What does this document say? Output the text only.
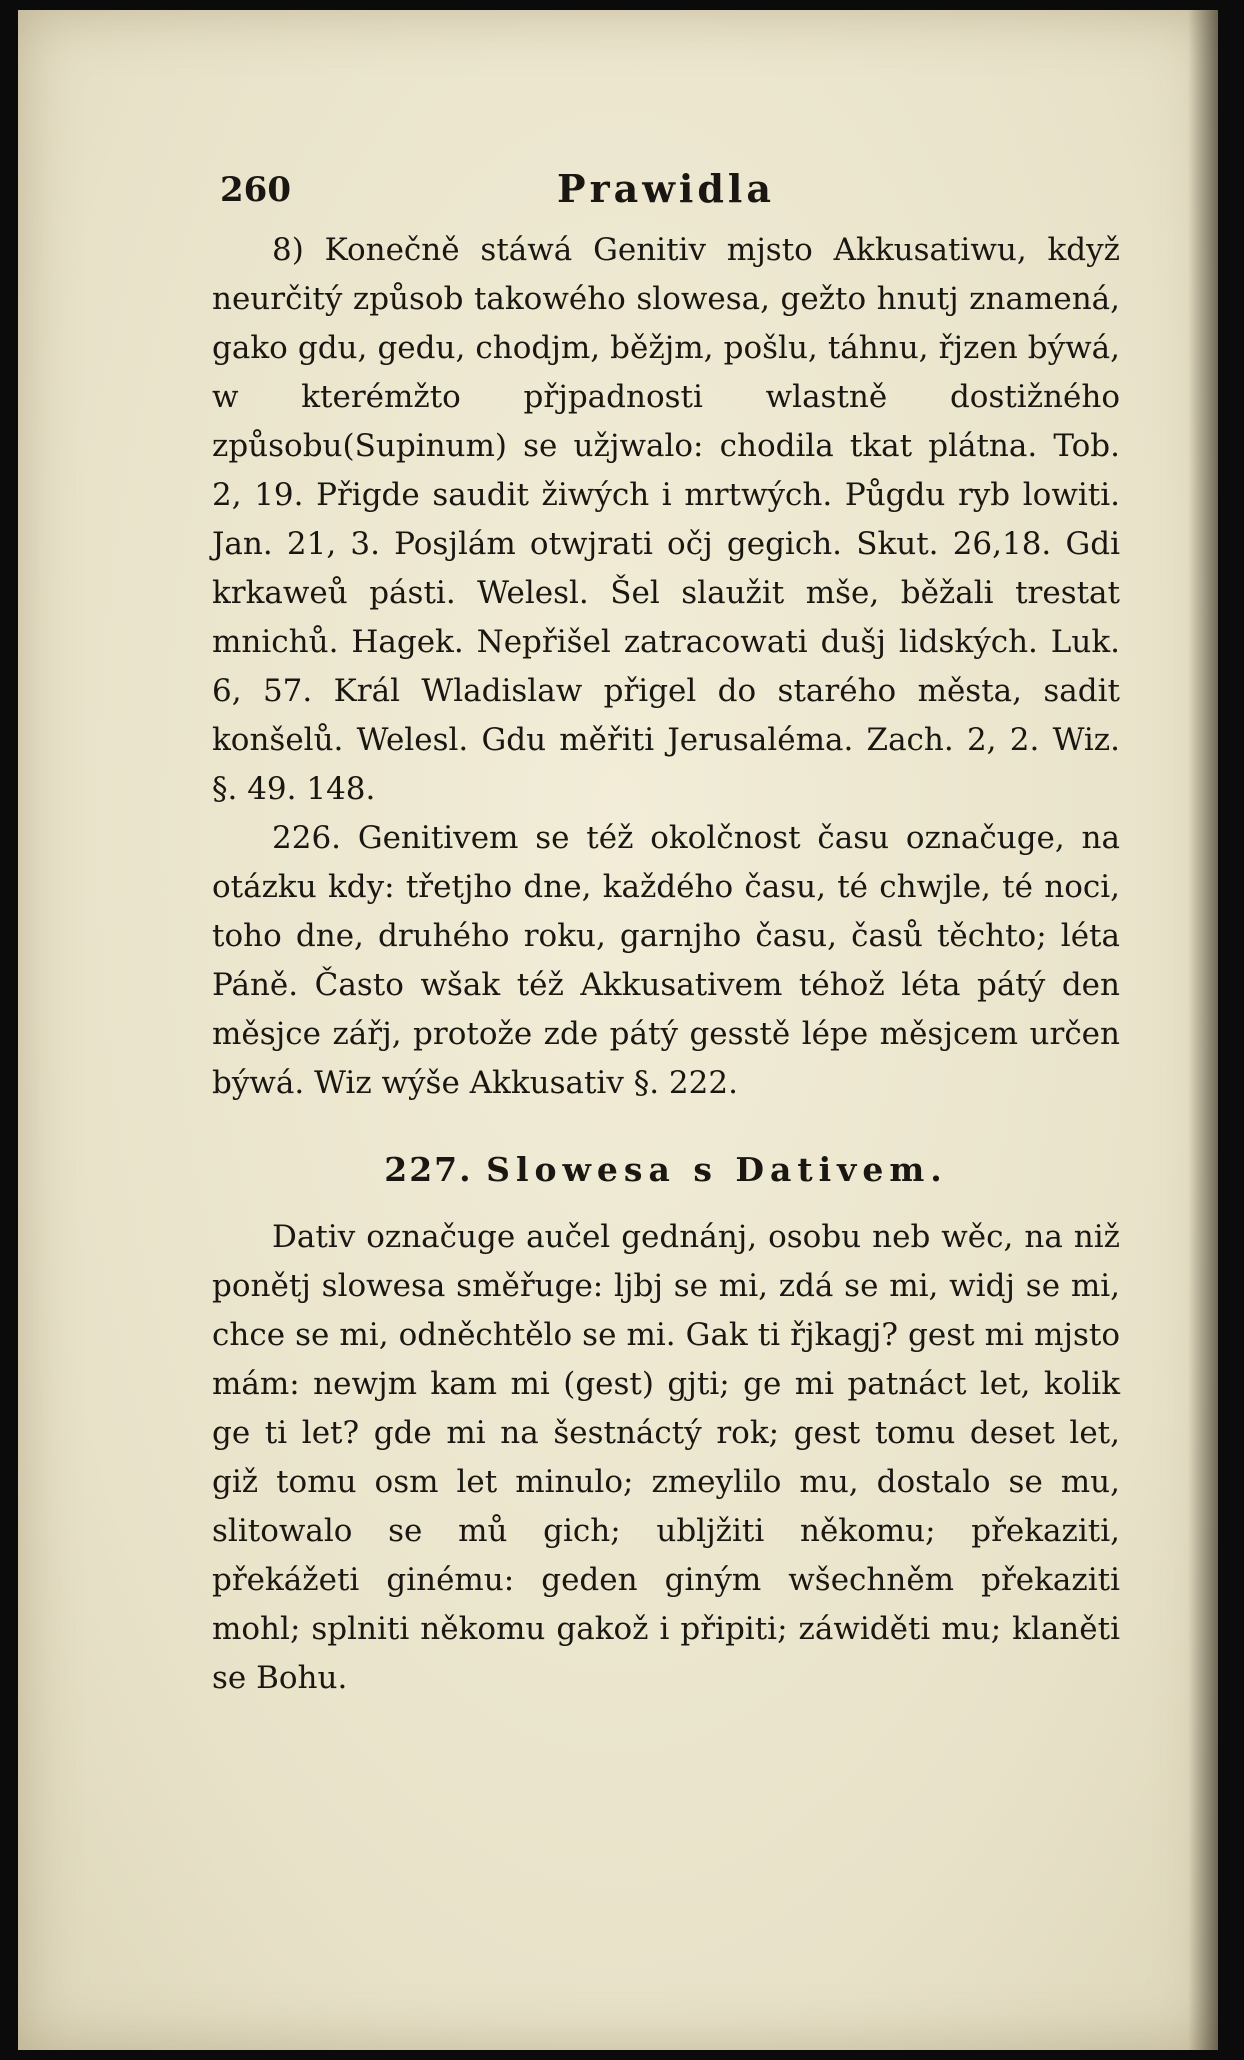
260	Prawidla

8) Konečně stáwá Genitiv mjsto Akkusatiwu, když neurčitý způsob takowého slowesa, gežto hnutj znamená, gako gdu, gedu, chodjm, běžjm, pošlu, táhnu, řjzen býwá, w kterémžto přjpadnosti wlastně dostižného způsobu(Supinum) se užjwalo: chodila tkat plátna. Tob. 2, 19. Přigde saudit žiwých i mrtwých. Půgdu ryb lowiti. Jan. 21, 3. Posjlám otwjrati očj gegich. Skut. 26,18. Gdi krkaweů pásti. Welesl. Šel slaužit mše, běžali trestat mnichů. Hagek. Nepřišel zatracowati dušj lidských. Luk. 6, 57. Král Wladislaw přigel do starého města, sadit konšelů. Welesl. Gdu měřiti Jerusaléma. Zach. 2, 2. Wiz. §. 49. 148.

226. Genitivem se též okolčnost času označuge, na otázku kdy: třetjho dne, každého času, té chwjle, té noci, toho dne, druhého roku, garnjho času, časů těchto; léta Páně. Často wšak též Akkusativem téhož léta pátý den měsjce zářj, protože zde pátý gesstě lépe měsjcem určen býwá. Wiz wýše Akkusativ §. 222.

227. Slowesa s Dativem.

Dativ označuge aučel gednánj, osobu neb wěc, na niž ponětj slowesa směřuge: ljbj se mi, zdá se mi, widj se mi, chce se mi, odněchtělo se mi. Gak ti řjkagj? gest mi mjsto mám: newjm kam mi (gest) gjti; ge mi patnáct let, kolik ge ti let? gde mi na šestnáctý rok; gest tomu deset let, giž tomu osm let minulo; zmeylilo mu, dostalo se mu, slitowalo se mů gich; ubljžiti někomu; překaziti, překážeti ginému: geden giným wšechněm překaziti mohl; splniti někomu gakož i připiti; záwiděti mu; klaněti se Bohu.
